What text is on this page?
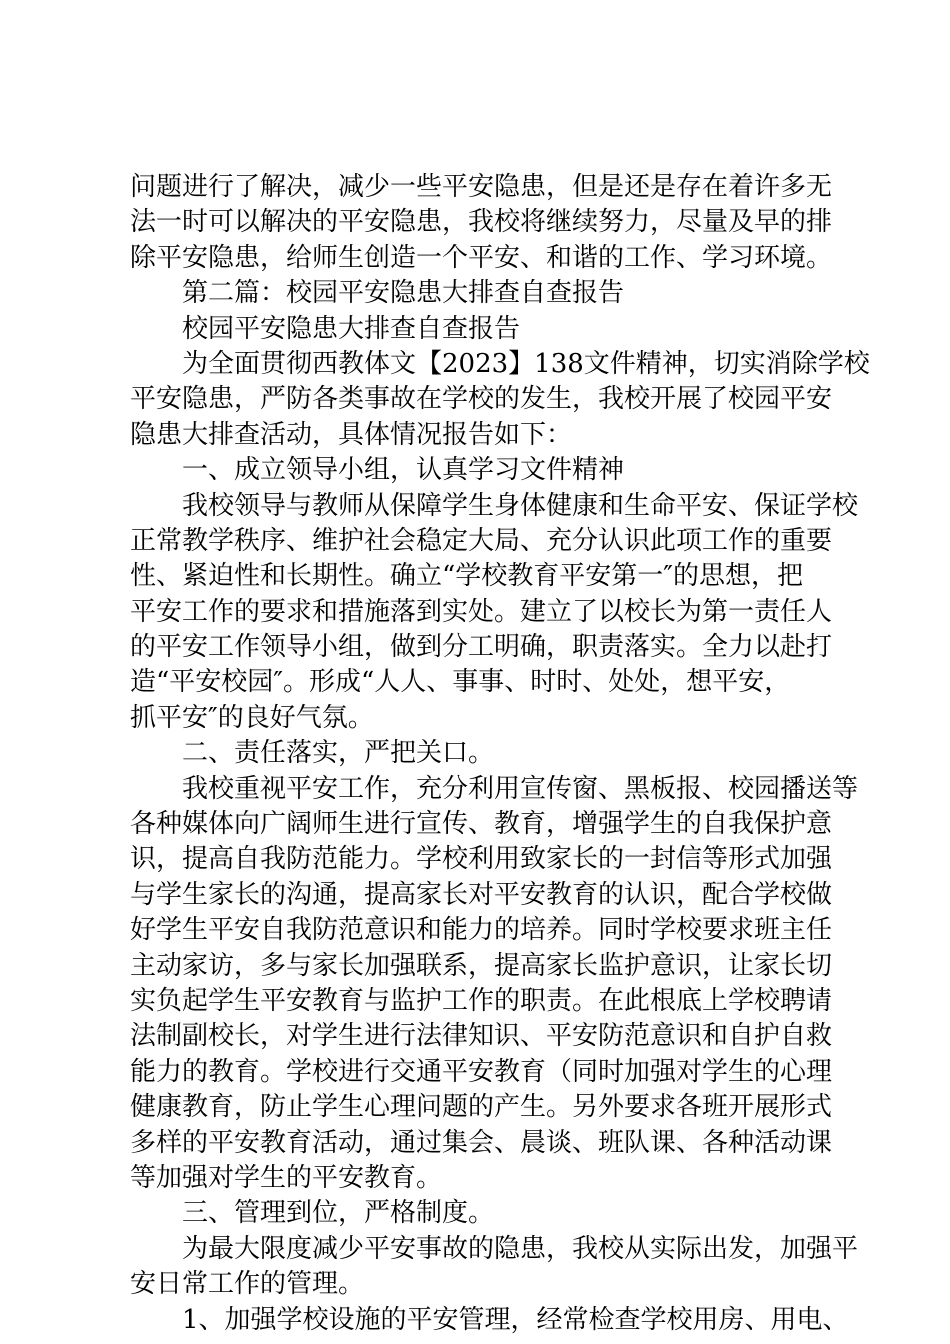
问题进行了解决，减少一些平安隐患，但是还是存在着许多无
法一时可以解决的平安隐患，我校将继续努力，尽量及早的排
除平安隐患，给师生创造一个平安、和谐的工作、学习环境。
第二篇：校园平安隐患大排查自查报告
校园平安隐患大排查自查报告
为全面贯彻西教体文【2023】138文件精神，切实消除学校
平安隐患，严防各类事故在学校的发生，我校开展了校园平安
隐患大排查活动，具体情况报告如下：
一、成立领导小组，认真学习文件精神
我校领导与教师从保障学生身体健康和生命平安、保证学校
正常教学秩序、维护社会稳定大局、充分认识此项工作的重要
性、紧迫性和长期性。确立“学校教育平安第一″的思想，把
平安工作的要求和措施落到实处。建立了以校长为第一责任人
的平安工作领导小组，做到分工明确，职责落实。全力以赴打
造“平安校园″。形成“人人、事事、时时、处处，想平安，
抓平安″的良好气氛。
二、责任落实，严把关口。
我校重视平安工作，充分利用宣传窗、黑板报、校园播送等
各种媒体向广阔师生进行宣传、教育，增强学生的自我保护意
识，提高自我防范能力。学校利用致家长的一封信等形式加强
与学生家长的沟通，提高家长对平安教育的认识，配合学校做
好学生平安自我防范意识和能力的培养。同时学校要求班主任
主动家访，多与家长加强联系，提高家长监护意识，让家长切
实负起学生平安教育与监护工作的职责。在此根底上学校聘请
法制副校长，对学生进行法律知识、平安防范意识和自护自救
能力的教育。学校进行交通平安教育（同时加强对学生的心理
健康教育，防止学生心理问题的产生。另外要求各班开展形式
多样的平安教育活动，通过集会、晨谈、班队课、各种活动课
等加强对学生的平安教育。
三、管理到位，严格制度。
为最大限度减少平安事故的隐患，我校从实际出发，加强平
安日常工作的管理。
1、加强学校设施的平安管理，经常检查学校用房、用电、
